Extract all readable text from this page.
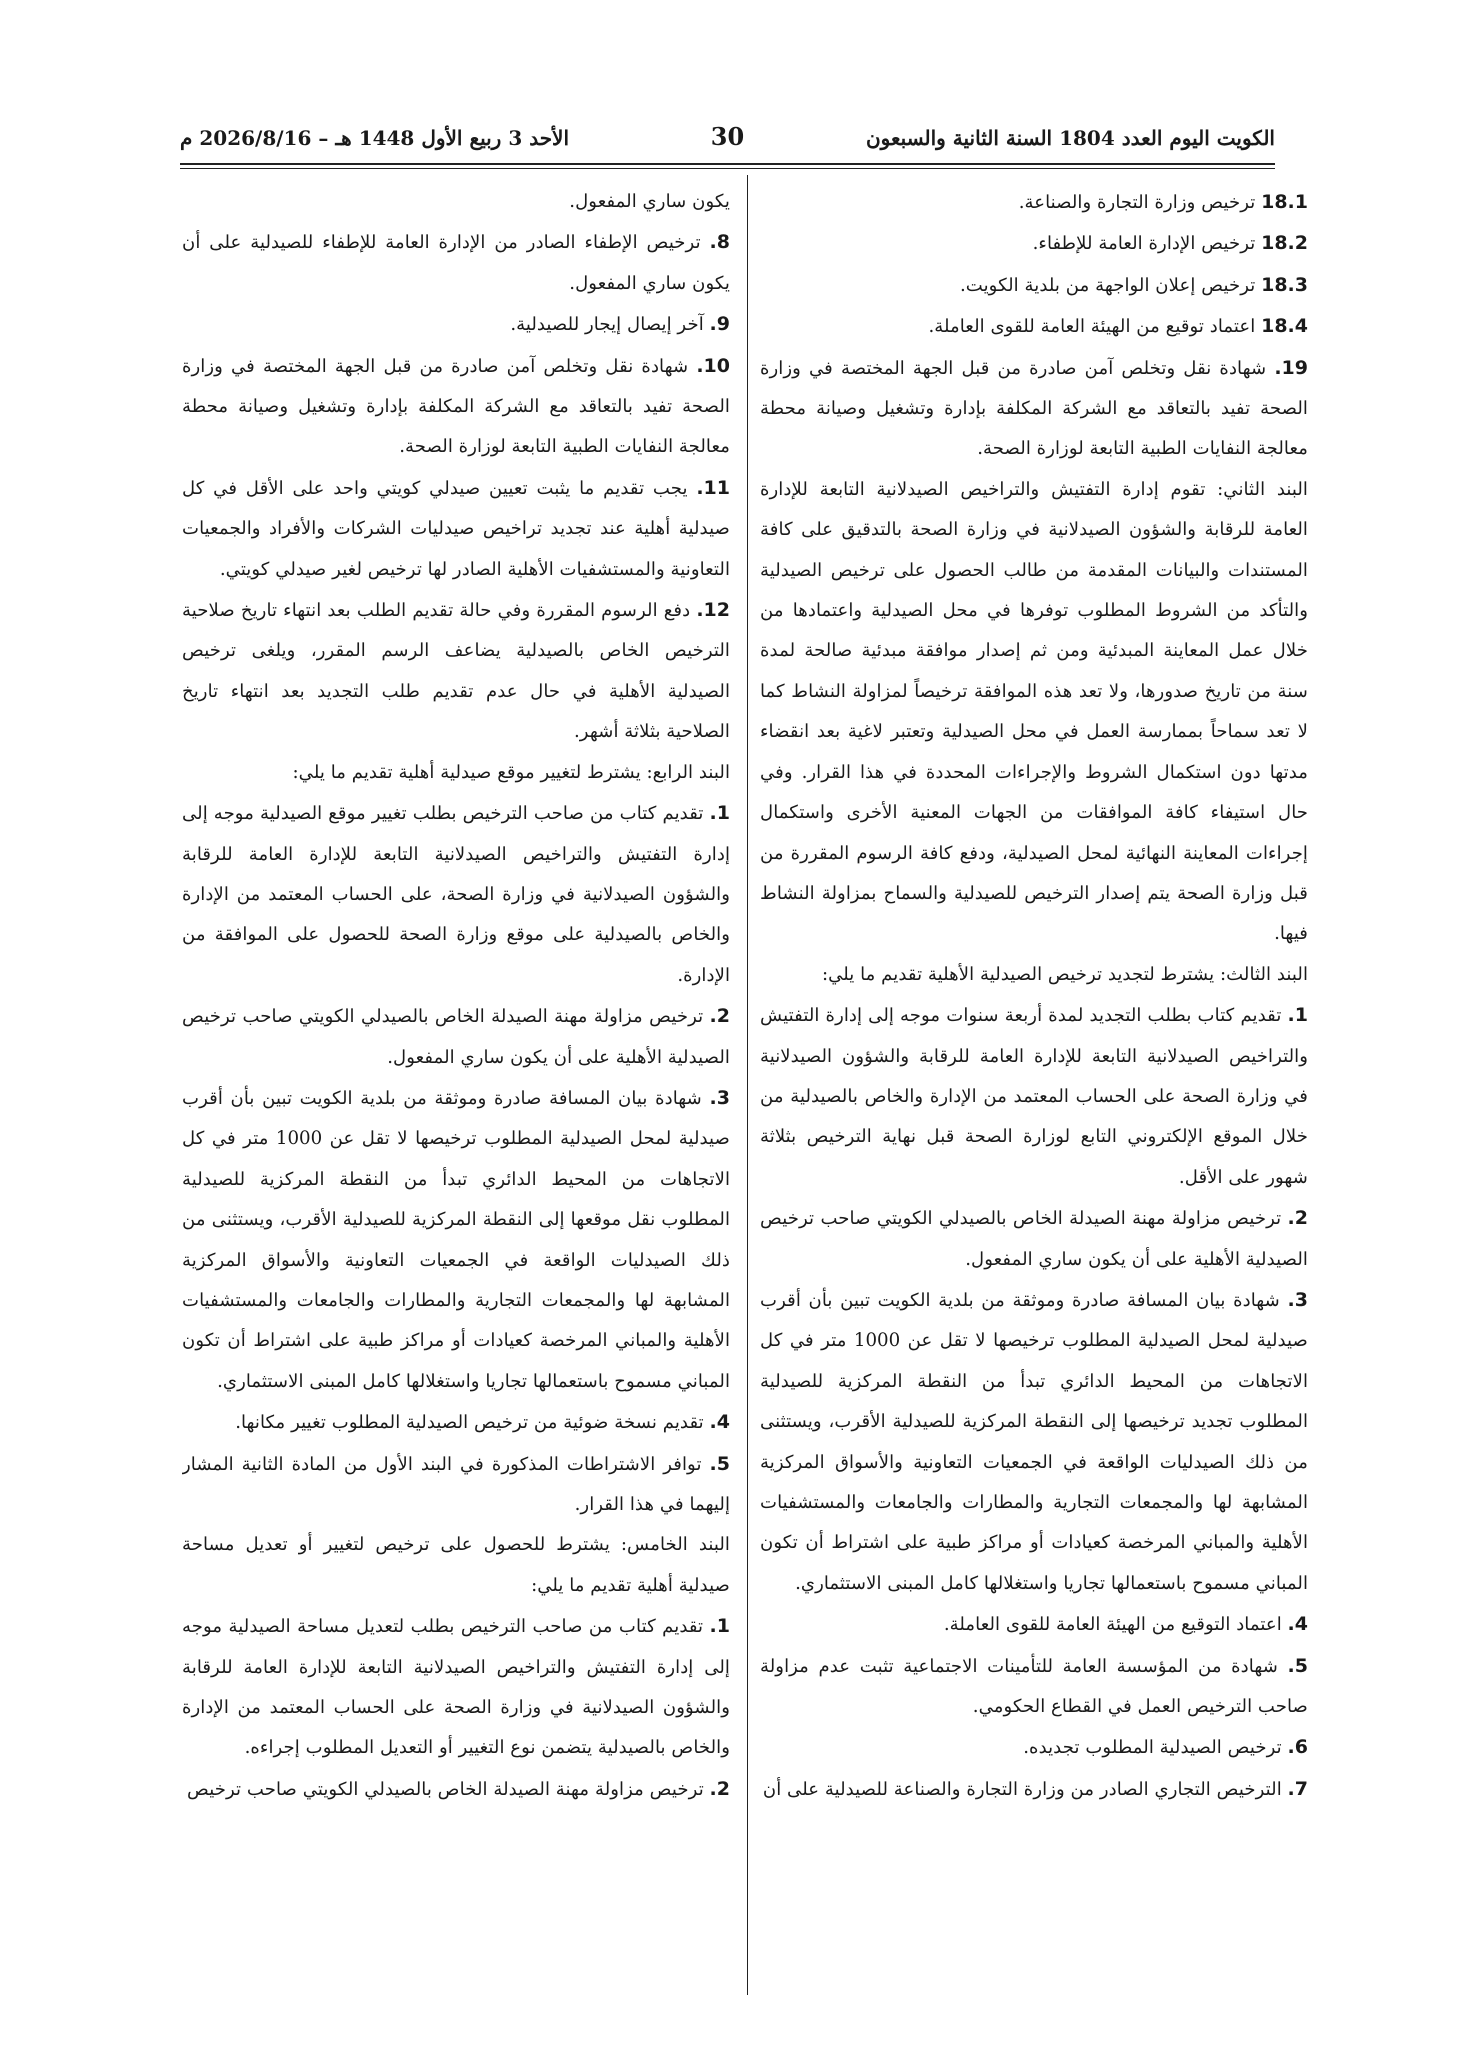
الكويت اليوم العدد 1804 السنة الثانية والسبعون
30
الأحد 3 ربيع الأول 1448 هـ – 2026/8/16 م

18.1 ترخيص وزارة التجارة والصناعة.

18.2 ترخيص الإدارة العامة للإطفاء.

18.3 ترخيص إعلان الواجهة من بلدية الكويت.

18.4 اعتماد توقيع من الهيئة العامة للقوى العاملة.

19. شهادة نقل وتخلص آمن صادرة من قبل الجهة المختصة في وزارة الصحة تفيد بالتعاقد مع الشركة المكلفة بإدارة وتشغيل وصيانة محطة معالجة النفايات الطبية التابعة لوزارة الصحة.

البند الثاني: تقوم إدارة التفتيش والتراخيص الصيدلانية التابعة للإدارة العامة للرقابة والشؤون الصيدلانية في وزارة الصحة بالتدقيق على كافة المستندات والبيانات المقدمة من طالب الحصول على ترخيص الصيدلية والتأكد من الشروط المطلوب توفرها في محل الصيدلية واعتمادها من خلال عمل المعاينة المبدئية ومن ثم إصدار موافقة مبدئية صالحة لمدة سنة من تاريخ صدورها، ولا تعد هذه الموافقة ترخيصاً لمزاولة النشاط كما لا تعد سماحاً بممارسة العمل في محل الصيدلية وتعتبر لاغية بعد انقضاء مدتها دون استكمال الشروط والإجراءات المحددة في هذا القرار. وفي حال استيفاء كافة الموافقات من الجهات المعنية الأخرى واستكمال إجراءات المعاينة النهائية لمحل الصيدلية، ودفع كافة الرسوم المقررة من قبل وزارة الصحة يتم إصدار الترخيص للصيدلية والسماح بمزاولة النشاط فيها.

البند الثالث: يشترط لتجديد ترخيص الصيدلية الأهلية تقديم ما يلي:

1. تقديم كتاب بطلب التجديد لمدة أربعة سنوات موجه إلى إدارة التفتيش والتراخيص الصيدلانية التابعة للإدارة العامة للرقابة والشؤون الصيدلانية في وزارة الصحة على الحساب المعتمد من الإدارة والخاص بالصيدلية من خلال الموقع الإلكتروني التابع لوزارة الصحة قبل نهاية الترخيص بثلاثة شهور على الأقل.

2. ترخيص مزاولة مهنة الصيدلة الخاص بالصيدلي الكويتي صاحب ترخيص الصيدلية الأهلية على أن يكون ساري المفعول.

3. شهادة بيان المسافة صادرة وموثقة من بلدية الكويت تبين بأن أقرب صيدلية لمحل الصيدلية المطلوب ترخيصها لا تقل عن 1000 متر في كل الاتجاهات من المحيط الدائري تبدأ من النقطة المركزية للصيدلية المطلوب تجديد ترخيصها إلى النقطة المركزية للصيدلية الأقرب، ويستثنى من ذلك الصيدليات الواقعة في الجمعيات التعاونية والأسواق المركزية المشابهة لها والمجمعات التجارية والمطارات والجامعات والمستشفيات الأهلية والمباني المرخصة كعيادات أو مراكز طبية على اشتراط أن تكون المباني مسموح باستعمالها تجاريا واستغلالها كامل المبنى الاستثماري.

4. اعتماد التوقيع من الهيئة العامة للقوى العاملة.

5. شهادة من المؤسسة العامة للتأمينات الاجتماعية تثبت عدم مزاولة صاحب الترخيص العمل في القطاع الحكومي.

6. ترخيص الصيدلية المطلوب تجديده.

7. الترخيص التجاري الصادر من وزارة التجارة والصناعة للصيدلية على أن

يكون ساري المفعول.

8. ترخيص الإطفاء الصادر من الإدارة العامة للإطفاء للصيدلية على أن يكون ساري المفعول.

9. آخر إيصال إيجار للصيدلية.

10. شهادة نقل وتخلص آمن صادرة من قبل الجهة المختصة في وزارة الصحة تفيد بالتعاقد مع الشركة المكلفة بإدارة وتشغيل وصيانة محطة معالجة النفايات الطبية التابعة لوزارة الصحة.

11. يجب تقديم ما يثبت تعيين صيدلي كويتي واحد على الأقل في كل صيدلية أهلية عند تجديد تراخيص صيدليات الشركات والأفراد والجمعيات التعاونية والمستشفيات الأهلية الصادر لها ترخيص لغير صيدلي كويتي.

12. دفع الرسوم المقررة وفي حالة تقديم الطلب بعد انتهاء تاريخ صلاحية الترخيص الخاص بالصيدلية يضاعف الرسم المقرر، ويلغى ترخيص الصيدلية الأهلية في حال عدم تقديم طلب التجديد بعد انتهاء تاريخ الصلاحية بثلاثة أشهر.

البند الرابع: يشترط لتغيير موقع صيدلية أهلية تقديم ما يلي:

1. تقديم كتاب من صاحب الترخيص بطلب تغيير موقع الصيدلية موجه إلى إدارة التفتيش والتراخيص الصيدلانية التابعة للإدارة العامة للرقابة والشؤون الصيدلانية في وزارة الصحة، على الحساب المعتمد من الإدارة والخاص بالصيدلية على موقع وزارة الصحة للحصول على الموافقة من الإدارة.

2. ترخيص مزاولة مهنة الصيدلة الخاص بالصيدلي الكويتي صاحب ترخيص الصيدلية الأهلية على أن يكون ساري المفعول.

3. شهادة بيان المسافة صادرة وموثقة من بلدية الكويت تبين بأن أقرب صيدلية لمحل الصيدلية المطلوب ترخيصها لا تقل عن 1000 متر في كل الاتجاهات من المحيط الدائري تبدأ من النقطة المركزية للصيدلية المطلوب نقل موقعها إلى النقطة المركزية للصيدلية الأقرب، ويستثنى من ذلك الصيدليات الواقعة في الجمعيات التعاونية والأسواق المركزية المشابهة لها والمجمعات التجارية والمطارات والجامعات والمستشفيات الأهلية والمباني المرخصة كعيادات أو مراكز طبية على اشتراط أن تكون المباني مسموح باستعمالها تجاريا واستغلالها كامل المبنى الاستثماري.

4. تقديم نسخة ضوئية من ترخيص الصيدلية المطلوب تغيير مكانها.

5. توافر الاشتراطات المذكورة في البند الأول من المادة الثانية المشار إليهما في هذا القرار.

البند الخامس: يشترط للحصول على ترخيص لتغيير أو تعديل مساحة صيدلية أهلية تقديم ما يلي:

1. تقديم كتاب من صاحب الترخيص بطلب لتعديل مساحة الصيدلية موجه إلى إدارة التفتيش والتراخيص الصيدلانية التابعة للإدارة العامة للرقابة والشؤون الصيدلانية في وزارة الصحة على الحساب المعتمد من الإدارة والخاص بالصيدلية يتضمن نوع التغيير أو التعديل المطلوب إجراءه.

2. ترخيص مزاولة مهنة الصيدلة الخاص بالصيدلي الكويتي صاحب ترخيص
